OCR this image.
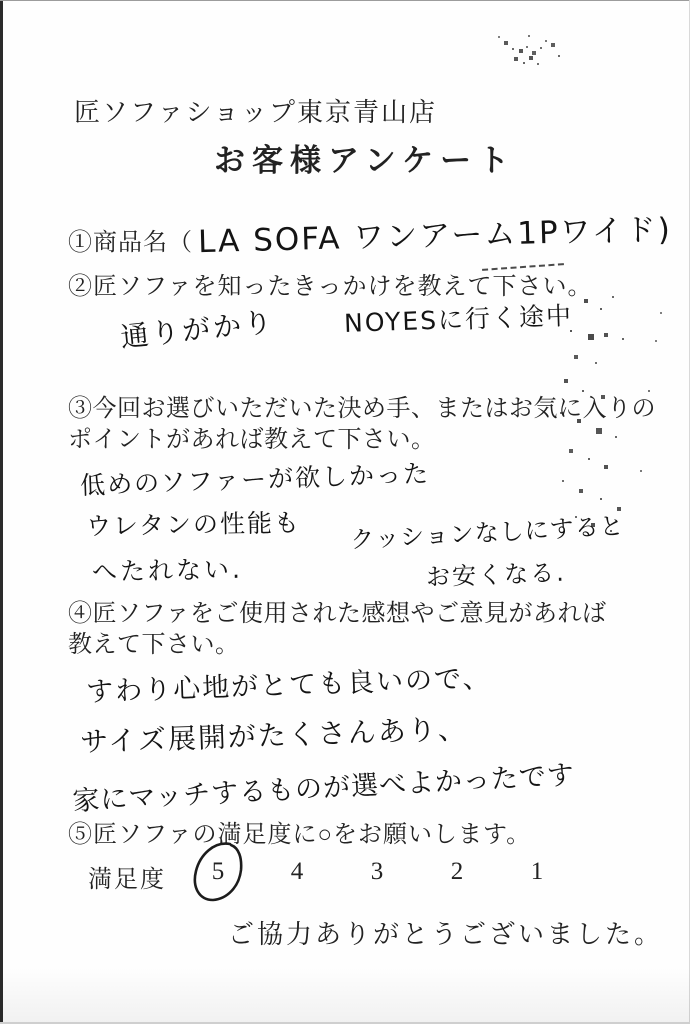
匠ソファショップ東京青山店
お客様アンケート
①商品名（ LA SOFA ワンアーム1Pワイド)
②匠ソファを知ったきっかけを教えて下さい。
通りがかり	NOYESに行く途中
③今回お選びいただいた決め手、またはお気に入りの
ポイントがあれば教えて下さい。
低めのソファーが欲しかった
ウレタンの性能も クッションなしにすると
へたれない.	お安くなる.
④匠ソファをご使用された感想やご意見があれば
教えて下さい。
すわり心地がとても良いので、
サイズ展開がたくさんあり、
家にマッチするものが選べよかったです
⑤匠ソファの満足度に○をお願いします。
満足度 5	4	3	2	1
ご協力ありがとうございました。
